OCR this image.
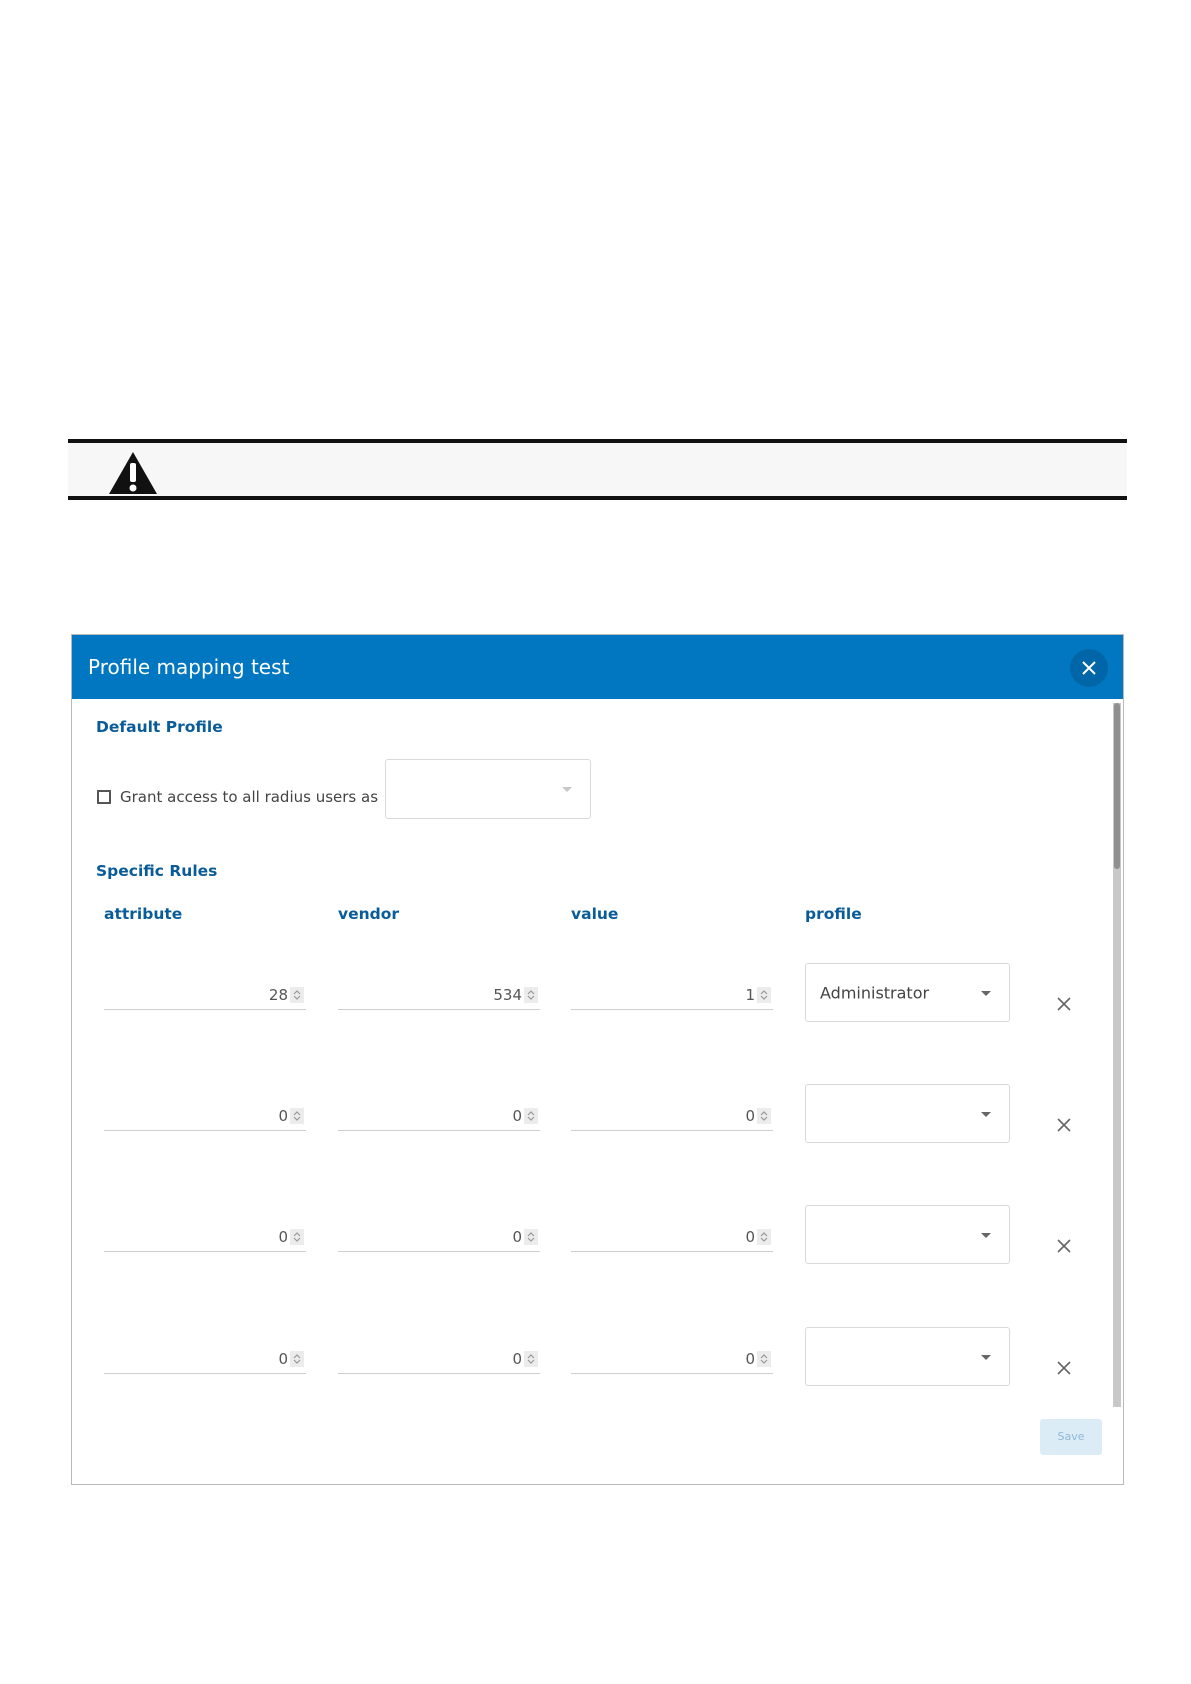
Profile mapping test
Default Profile
Grant access to all radius users as
Specific Rules
attribute	vendor	value	profile
28	534	1	Administrator
0	0	0
0	0	0
0	0	0
Save
